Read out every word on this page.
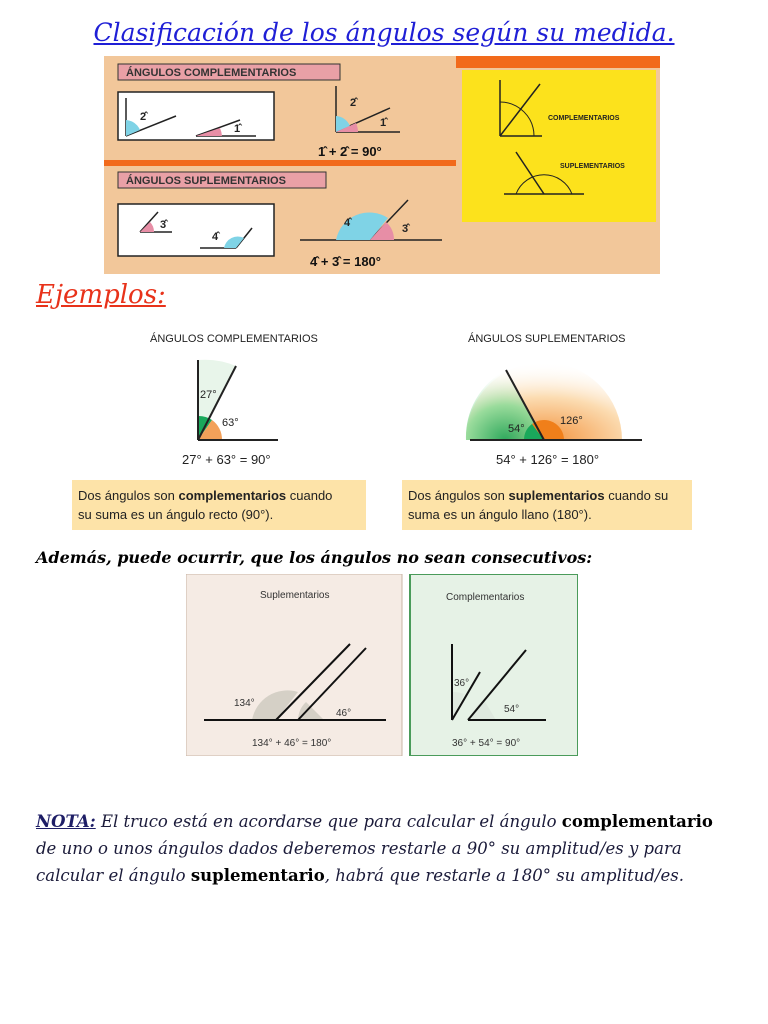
Clasificación de los ángulos según su medida.
ÁNGULOS COMPLEMENTARIOS
ÁNGULOS SUPLEMENTARIOS
2̂
1̂
2̂
1̂
1̂ + 2̂ = 90°
3̂
4̂
4̂	3̂
4̂ + 3̂ = 180°
COMPLEMENTARIOS
SUPLEMENTARIOS
Ejemplos:
ÁNGULOS COMPLEMENTARIOS
27°
63°
27° + 63° = 90°
Dos ángulos son complementarios cuando
su suma es un ángulo recto (90°).
ÁNGULOS SUPLEMENTARIOS
54°
126°
54° + 126° = 180°
Dos ángulos son suplementarios cuando su
suma es un ángulo llano (180°).
Además, puede ocurrir, que los ángulos no sean consecutivos:
Suplementarios
134°
46°
134° + 46° = 180°
Complementarios
36°
54°
36° + 54° = 90°
NOTA: El truco está en acordarse que para calcular el ángulo complementario de uno o unos ángulos dados deberemos restarle a 90° su amplitud/es y para calcular el ángulo suplementario, habrá que restarle a 180° su amplitud/es.
